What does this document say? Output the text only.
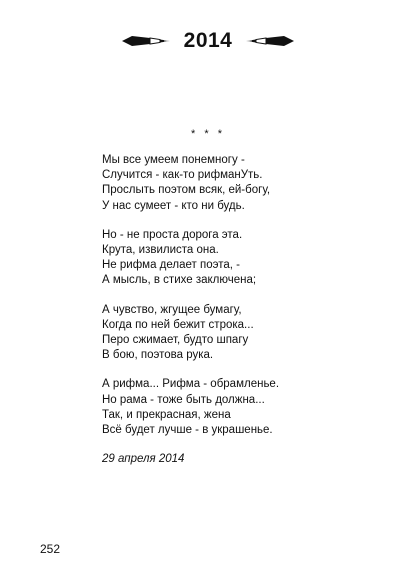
2014
* * *
Мы все умеем понемногу -
Случится - как-то рифманУть.
Прослыть поэтом всяк, ей-богу,
У нас сумеет - кто ни будь.
Но - не проста дорога эта.
Крута, извилиста она.
Не рифма делает поэта, -
А мысль, в стихе заключена;
А чувство, жгущее бумагу,
Когда по ней бежит строка...
Перо сжимает, будто шпагу
В бою, поэтова рука.
А рифма... Рифма - обрамленье.
Но рама - тоже быть должна...
Так, и прекрасная, жена
Всё будет лучше - в украшенье.
29 апреля 2014
252
